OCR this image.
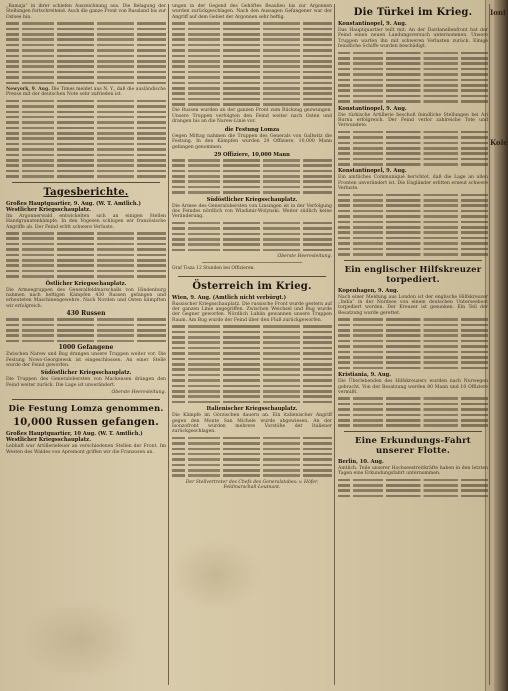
Ioni
Kole

„Bamaja“ in ihrer schiefen Auszeichnung aus. Die Belagung der Stellungen fortschreitend. Auch die ganze Front von Russland bis zur Ostsee hin.

Newyork, 9. Aug. Die Times meldet aus N. Y., daß die ausländische Presse mit der deutschen Note sehr zufrieden ist.

Tagesberichte.

Großes Hauptquartier, 9. Aug. (W. T. Amtlich.) Westlicher Kriegsschauplatz.

Im Argonnerwald entwickelten sich an einigen Stellen Handgranatenkämpfe. In den Vogesen schlugen wir französische Angriffe ab. Der Feind erlitt schwere Verluste.

Östlicher Kriegsschauplatz.

Die Armeegruppen des Generalfeldmarschalls von Hindenburg nahmen nach heftigen Kämpfen 430 Russen gefangen und erbeuteten Maschinengewehre. Nach Norden und Osten kämpften wir erfolgreich.

430 Russen

1000 Gefangene

Zwischen Narew und Bug drangen unsere Truppen weiter vor. Die Festung Nowo-Georgiewsk ist eingeschlossen. An einer Stelle wurde der Feind geworfen.

Südöstlicher Kriegsschauplatz.

Die Truppen des Generalobersten von Mackensen drängen den Feind weiter zurück. Die Lage ist unverändert.

Oberste Heeresleitung.

Die Festung Lomza genommen.
10,000 Russen gefangen.

Großes Hauptquartier, 10 Aug. (W. T. Amtlich.) Westlicher Kriegsschauplatz.

Lebhaft war Artilleriefeuer an verschiedenen Stellen der Front. Im Westen des Waldes von Apremont griffen wir die Franzosen an.

ungen in der Gegend des Gehöftes Beaulieu bis zur Argonnen wurden zurückgeschlagen. Nach den Aussagen Gefangener war der Angriff auf dem Gebiet der Argonnen sehr heftig.

Die Russen wurden an der ganzen Front zum Rückzug gezwungen. Unsere Truppen verfolgten den Feind weiter nach Osten und drangen bis an die Narew-Linie vor.

die Festung Lomza

Gegen Mittag nahmen die Truppen des Generals von Gallwitz die Festung. In den Kämpfen wurden 29 Offiziere, 10,000 Mann gefangen genommen.

29 Offiziere, 10,000 Mann

Südöstlicher Kriegsschauplatz.

Die Armee des Generalobersten von Linsingen ist in der Verfolgung des Feindes nördlich von Wladimir-Wolynski. Weiter südlich keine Veränderung.

Oberste Heeresleitung.

Graf Tisza 12 Stunden bei Offizieren.

Österreich im Krieg.

Wien, 9. Aug. (Amtlich nicht verbürgt.)

Russischer Kriegsschauplatz. Die russische Front wurde gestern auf der ganzen Linie angegriffen. Zwischen Weichsel und Bug wurde der Gegner geworfen. Nördlich Lublin gewannen unsere Truppen Raum. Am Bug wurde der Feind über den Fluß zurückgeworfen.

Italienischer Kriegsschauplatz.

Die Kämpfe im Görzischen dauern an. Ein italienischer Angriff gegen den Monte San Michele wurde abgewiesen. An der Isonzofront wurden mehrere Vorstöße der Italiener zurückgeschlagen.

Der Stellvertreter des Chefs des Generalstabes: v. Höfer, Feldmarschall-Leutnant.

Die Türkei im Krieg.

Konstantinopel, 9. Aug.

Das Hauptquartier teilt mit: An der Dardanellenfront hat der Feind einen neuen Landungsversuch unternommen. Unsere Truppen warfen ihn mit schweren Verlusten zurück. Einige feindliche Schiffe wurden beschädigt.

Konstantinopel, 9. Aug.

Die türkische Artillerie beschoß feindliche Stellungen bei Ari Burnu erfolgreich. Der Feind verlor zahlreiche Tote und Verwundete.

Konstantinopel, 9. Aug.

Ein amtliches Communiqué berichtet, daß die Lage an allen Fronten unverändert ist. Die Engländer erlitten erneut schwere Verluste.

Ein englischer Hilfskreuzer torpediert.

Kopenhagen, 9. Aug.

Nach einer Meldung aus London ist der englische Hilfskreuzer „India“ in der Nordsee von einem deutschen Unterseeboot torpediert worden. Der Kreuzer ist gesunken. Ein Teil der Besatzung wurde gerettet.

Kristiania, 9. Aug.

Die Überlebenden des Hilfskreuzers wurden nach Norwegen gebracht. Von der Besatzung werden 80 Mann und 10 Offiziere vermißt.

Eine Erkundungs-Fahrt unserer Flotte.

Berlin, 10. Aug.

Amtlich. Teile unserer Hochseestreitkräfte haben in den letzten Tagen eine Erkundungsfahrt unternommen.
